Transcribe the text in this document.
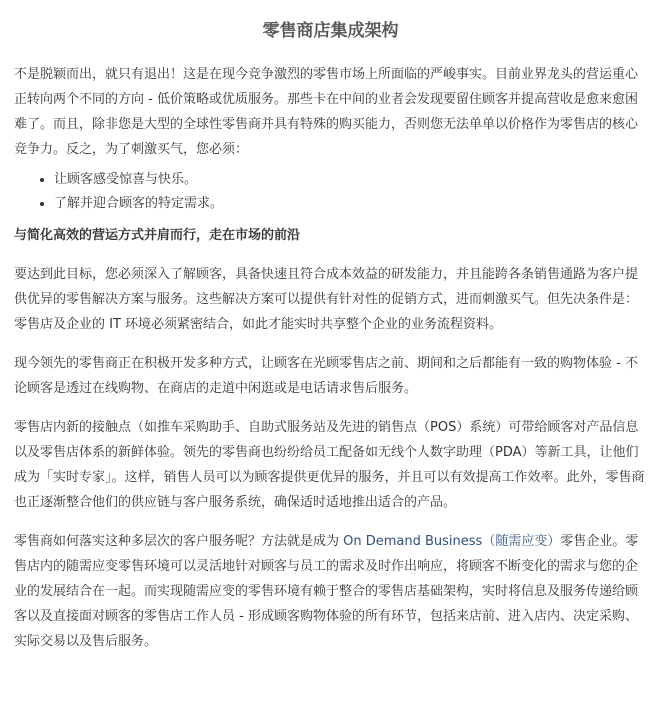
零售商店集成架构

不是脱颖而出，就只有退出！这是在现今竞争激烈的零售市场上所面临的严峻事实。目前业界龙头的营运重心正转向两个不同的方向 - 低价策略或优质服务。那些卡在中间的业者会发现要留住顾客并提高营收是愈来愈困难了。而且，除非您是大型的全球性零售商并具有特殊的购买能力，否则您无法单单以价格作为零售店的核心竞争力。反之，为了刺激买气，您必须：

• 让顾客感受惊喜与快乐。
• 了解并迎合顾客的特定需求。
与简化高效的营运方式并肩而行，走在市场的前沿

要达到此目标，您必须深入了解顾客，具备快速且符合成本效益的研发能力，并且能跨各条销售通路为客户提供优异的零售解决方案与服务。这些解决方案可以提供有针对性的促销方式，进而刺激买气。但先决条件是：零售店及企业的 IT 环境必须紧密结合，如此才能实时共享整个企业的业务流程资料。

现今领先的零售商正在积极开发多种方式，让顾客在光顾零售店之前、期间和之后都能有一致的购物体验 - 不论顾客是透过在线购物、在商店的走道中闲逛或是电话请求售后服务。

零售店内新的接触点（如推车采购助手、自助式服务站及先进的销售点（POS）系统）可带给顾客对产品信息以及零售店体系的新鲜体验。领先的零售商也纷纷给员工配备如无线个人数字助理（PDA）等新工具，让他们成为「实时专家」。这样，销售人员可以为顾客提供更优异的服务，并且可以有效提高工作效率。此外，零售商也正逐渐整合他们的供应链与客户服务系统，确保适时适地推出适合的产品。

零售商如何落实这种多层次的客户服务呢？方法就是成为 On Demand Business（随需应变）零售企业。零售店内的随需应变零售环境可以灵活地针对顾客与员工的需求及时作出响应，将顾客不断变化的需求与您的企业的发展结合在一起。而实现随需应变的零售环境有赖于整合的零售店基础架构，实时将信息及服务传递给顾客以及直接面对顾客的零售店工作人员 - 形成顾客购物体验的所有环节，包括来店前、进入店内、决定采购、实际交易以及售后服务。
